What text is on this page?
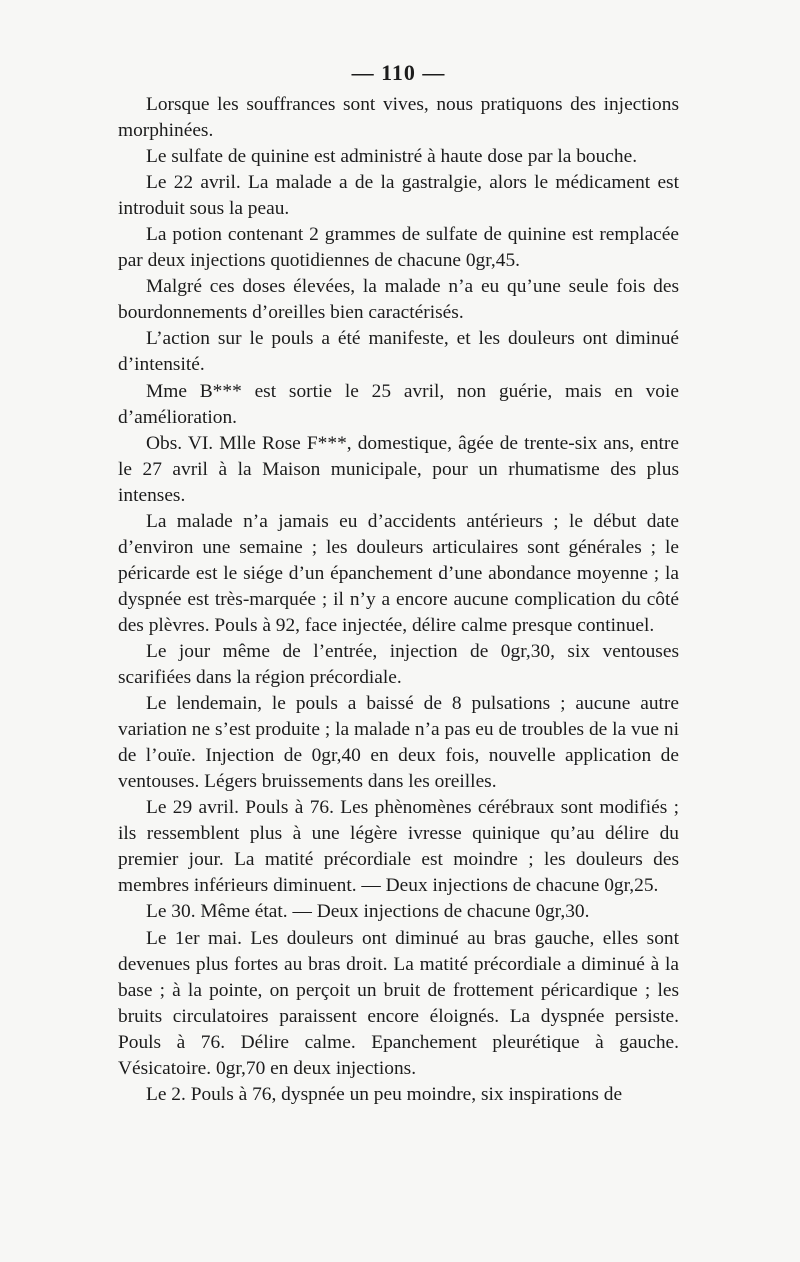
— 110 —

Lorsque les souffrances sont vives, nous pratiquons des injections morphinées.

Le sulfate de quinine est administré à haute dose par la bouche.

Le 22 avril. La malade a de la gastralgie, alors le médicament est introduit sous la peau.

La potion contenant 2 grammes de sulfate de quinine est remplacée par deux injections quotidiennes de chacune 0gr,45.

Malgré ces doses élevées, la malade n’a eu qu’une seule fois des bourdonnements d’oreilles bien caractérisés.

L’action sur le pouls a été manifeste, et les douleurs ont diminué d’intensité.

Mme B*** est sortie le 25 avril, non guérie, mais en voie d’amélioration.

Obs. VI. Mlle Rose F***, domestique, âgée de trente-six ans, entre le 27 avril à la Maison municipale, pour un rhumatisme des plus intenses.

La malade n’a jamais eu d’accidents antérieurs ; le début date d’environ une semaine ; les douleurs articulaires sont générales ; le péricarde est le siége d’un épanchement d’une abondance moyenne ; la dyspnée est très-marquée ; il n’y a encore aucune complication du côté des plèvres. Pouls à 92, face injectée, délire calme presque continuel.

Le jour même de l’entrée, injection de 0gr,30, six ventouses scarifiées dans la région précordiale.

Le lendemain, le pouls a baissé de 8 pulsations ; aucune autre variation ne s’est produite ; la malade n’a pas eu de troubles de la vue ni de l’ouïe. Injection de 0gr,40 en deux fois, nouvelle application de ventouses. Légers bruissements dans les oreilles.

Le 29 avril. Pouls à 76. Les phènomènes cérébraux sont modifiés ; ils ressemblent plus à une légère ivresse quinique qu’au délire du premier jour. La matité précordiale est moindre ; les douleurs des membres inférieurs diminuent. — Deux injections de chacune 0gr,25.

Le 30. Même état. — Deux injections de chacune 0gr,30.

Le 1er mai. Les douleurs ont diminué au bras gauche, elles sont devenues plus fortes au bras droit. La matité précordiale a diminué à la base ; à la pointe, on perçoit un bruit de frottement péricardique ; les bruits circulatoires paraissent encore éloignés. La dyspnée persiste. Pouls à 76. Délire calme. Epanchement pleurétique à gauche. Vésicatoire. 0gr,70 en deux injections.

Le 2. Pouls à 76, dyspnée un peu moindre, six inspirations de
